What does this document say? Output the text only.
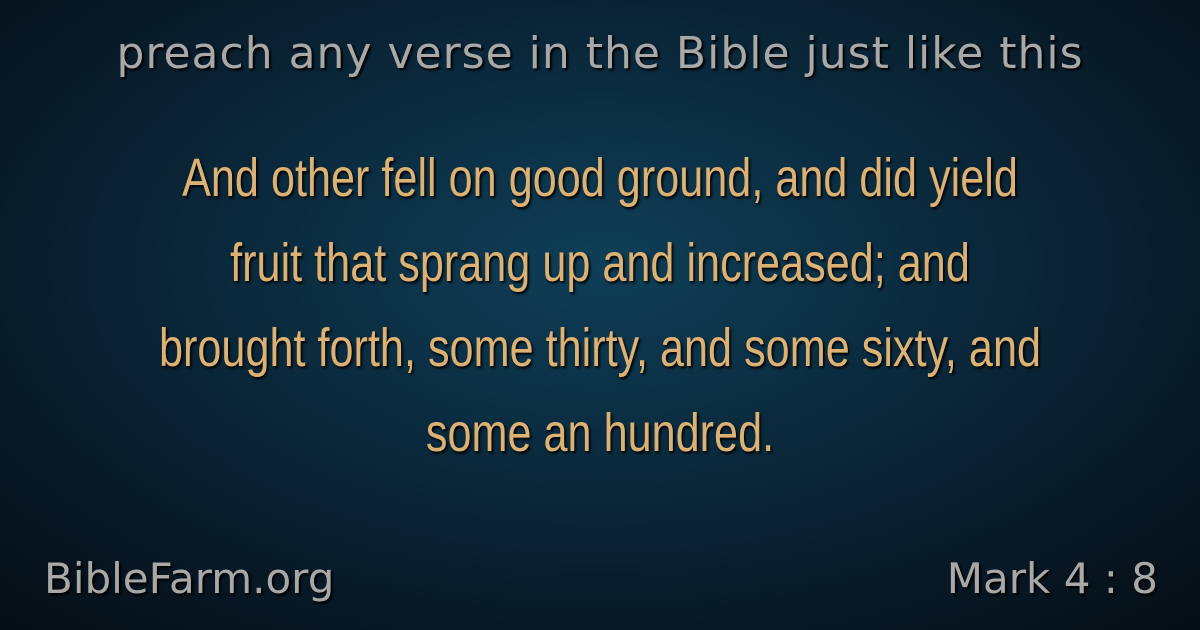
preach any verse in the Bible just like this
And other fell on good ground, and did yield fruit that sprang up and increased; and brought forth, some thirty, and some sixty, and some an hundred.
BibleFarm.org	Mark 4 : 8
